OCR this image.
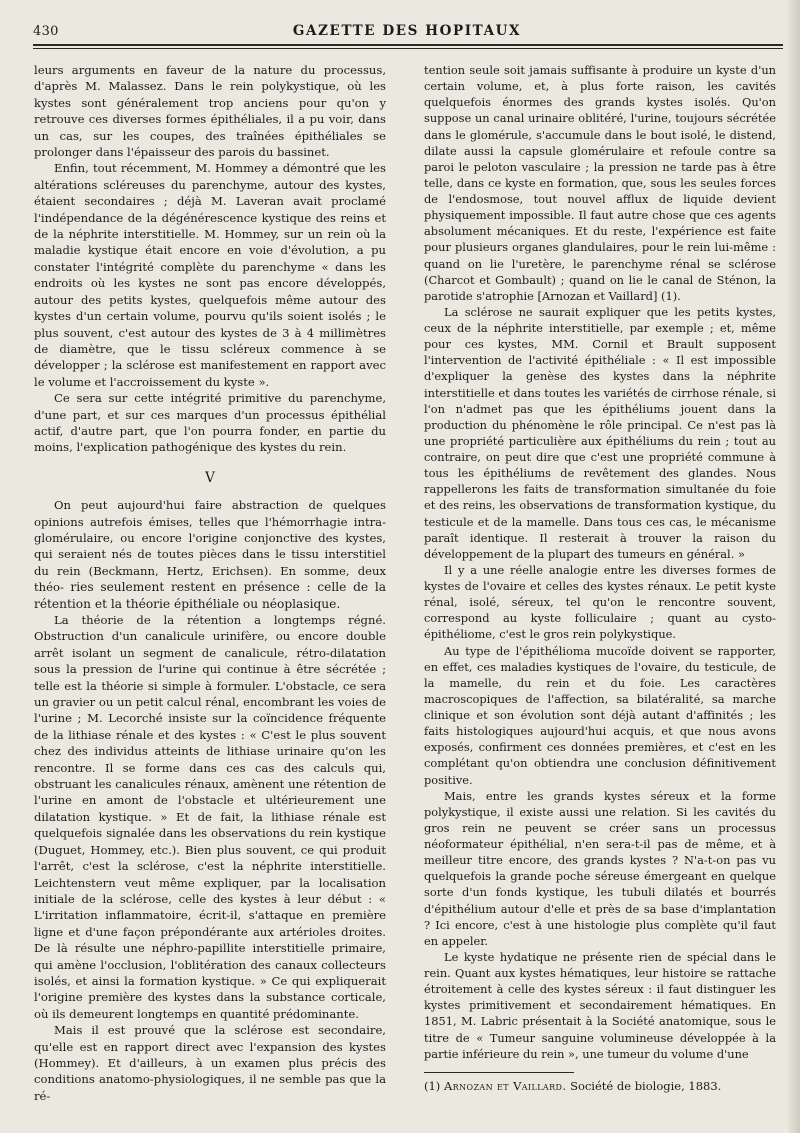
430	GAZETTE DES HOPITAUX

leurs arguments en faveur de la nature du processus, d'après M. Malassez. Dans le rein polykystique, où les kystes sont généralement trop anciens pour qu'on y retrouve ces diverses formes épithéliales, il a pu voir, dans un cas, sur les coupes, des traînées épithéliales se prolonger dans l'épaisseur des parois du bassinet.

Enfin, tout récemment, M. Hommey a démontré que les altérations scléreuses du parenchyme, autour des kystes, étaient secondaires ; déjà M. Laveran avait proclamé l'indépendance de la dégénérescence kystique des reins et de la néphrite interstitielle. M. Hommey, sur un rein où la maladie kystique était encore en voie d'évolution, a pu constater l'intégrité complète du parenchyme « dans les endroits où les kystes ne sont pas encore développés, autour des petits kystes, quelquefois même autour des kystes d'un certain volume, pourvu qu'ils soient isolés ; le plus souvent, c'est autour des kystes de 3 à 4 millimètres de diamètre, que le tissu scléreux commence à se développer ; la sclérose est manifestement en rapport avec le volume et l'accroissement du kyste ».

Ce sera sur cette intégrité primitive du parenchyme, d'une part, et sur ces marques d'un processus épithélial actif, d'autre part, que l'on pourra fonder, en partie du moins, l'explication pathogénique des kystes du rein.

V

On peut aujourd'hui faire abstraction de quelques opinions autrefois émises, telles que l'hémorrhagie intra-glomérulaire, ou encore l'origine conjonctive des kystes, qui seraient nés de toutes pièces dans le tissu interstitiel du rein (Beckmann, Hertz, Erichsen). En somme, deux théo- ries seulement restent en présence : celle de la rétention et la théorie épithéliale ou néoplasique.

La théorie de la rétention a longtemps régné. Obstruction d'un canalicule urinifère, ou encore double arrêt isolant un segment de canalicule, rétro-dilatation sous la pression de l'urine qui continue à être sécrétée ; telle est la théorie si simple à formuler. L'obstacle, ce sera un gravier ou un petit calcul rénal, encombrant les voies de l'urine ; M. Lecorché insiste sur la coïncidence fréquente de la lithiase rénale et des kystes : « C'est le plus souvent chez des individus atteints de lithiase urinaire qu'on les rencontre. Il se forme dans ces cas des calculs qui, obstruant les canalicules rénaux, amènent une rétention de l'urine en amont de l'obstacle et ultérieurement une dilatation kystique. » Et de fait, la lithiase rénale est quelquefois signalée dans les observations du rein kystique (Duguet, Hommey, etc.). Bien plus souvent, ce qui produit l'arrêt, c'est la sclérose, c'est la néphrite interstitielle. Leichtenstern veut même expliquer, par la localisation initiale de la sclérose, celle des kystes à leur début : « L'irritation inflammatoire, écrit-il, s'attaque en première ligne et d'une façon prépondérante aux artérioles droites. De là résulte une néphro-papillite interstitielle primaire, qui amène l'occlusion, l'oblitération des canaux collecteurs isolés, et ainsi la formation kystique. » Ce qui expliquerait l'origine première des kystes dans la substance corticale, où ils demeurent longtemps en quantité prédominante.

Mais il est prouvé que la sclérose est secondaire, qu'elle est en rapport direct avec l'expansion des kystes (Hommey). Et d'ailleurs, à un examen plus précis des conditions anatomo-physiologiques, il ne semble pas que la ré-

tention seule soit jamais suffisante à produire un kyste d'un certain volume, et, à plus forte raison, les cavités quelquefois énormes des grands kystes isolés. Qu'on suppose un canal urinaire oblitéré, l'urine, toujours sécrétée dans le glomérule, s'accumule dans le bout isolé, le distend, dilate aussi la capsule glomérulaire et refoule contre sa paroi le peloton vasculaire ; la pression ne tarde pas à être telle, dans ce kyste en formation, que, sous les seules forces de l'endosmose, tout nouvel afflux de liquide devient physiquement impossible. Il faut autre chose que ces agents absolument mécaniques. Et du reste, l'expérience est faite pour plusieurs organes glandulaires, pour le rein lui-même : quand on lie l'uretère, le parenchyme rénal se sclérose (Charcot et Gombault) ; quand on lie le canal de Sténon, la parotide s'atrophie [Arnozan et Vaillard] (1).

La sclérose ne saurait expliquer que les petits kystes, ceux de la néphrite interstitielle, par exemple ; et, même pour ces kystes, MM. Cornil et Brault supposent l'intervention de l'activité épithéliale : « Il est impossible d'expliquer la genèse des kystes dans la néphrite interstitielle et dans toutes les variétés de cirrhose rénale, si l'on n'admet pas que les épithéliums jouent dans la production du phénomène le rôle principal. Ce n'est pas là une propriété particulière aux épithéliums du rein ; tout au contraire, on peut dire que c'est une propriété commune à tous les épithéliums de revêtement des glandes. Nous rappellerons les faits de transformation simultanée du foie et des reins, les observations de transformation kystique, du testicule et de la mamelle. Dans tous ces cas, le mécanisme paraît identique. Il resterait à trouver la raison du développement de la plupart des tumeurs en général. »

Il y a une réelle analogie entre les diverses formes de kystes de l'ovaire et celles des kystes rénaux. Le petit kyste rénal, isolé, séreux, tel qu'on le rencontre souvent, correspond au kyste folliculaire ; quant au cysto-épithéliome, c'est le gros rein polykystique.

Au type de l'épithélioma mucoïde doivent se rapporter, en effet, ces maladies kystiques de l'ovaire, du testicule, de la mamelle, du rein et du foie. Les caractères macroscopiques de l'affection, sa bilatéralité, sa marche clinique et son évolution sont déjà autant d'affinités ; les faits histologiques aujourd'hui acquis, et que nous avons exposés, confirment ces données premières, et c'est en les complétant qu'on obtiendra une conclusion définitivement positive.

Mais, entre les grands kystes séreux et la forme polykystique, il existe aussi une relation. Si les cavités du gros rein ne peuvent se créer sans un processus néoformateur épithélial, n'en sera-t-il pas de même, et à meilleur titre encore, des grands kystes ? N'a-t-on pas vu quelquefois la grande poche séreuse émergeant en quelque sorte d'un fonds kystique, les tubuli dilatés et bourrés d'épithélium autour d'elle et près de sa base d'implantation ? Ici encore, c'est à une histologie plus complète qu'il faut en appeler.

Le kyste hydatique ne présente rien de spécial dans le rein. Quant aux kystes hématiques, leur histoire se rattache étroitement à celle des kystes séreux : il faut distinguer les kystes primitivement et secondairement hématiques. En 1851, M. Labric présentait à la Société anatomique, sous le titre de « Tumeur sanguine volumineuse développée à la partie inférieure du rein », une tumeur du volume d'une

(1) Arnozan et Vaillard. Société de biologie, 1883.
